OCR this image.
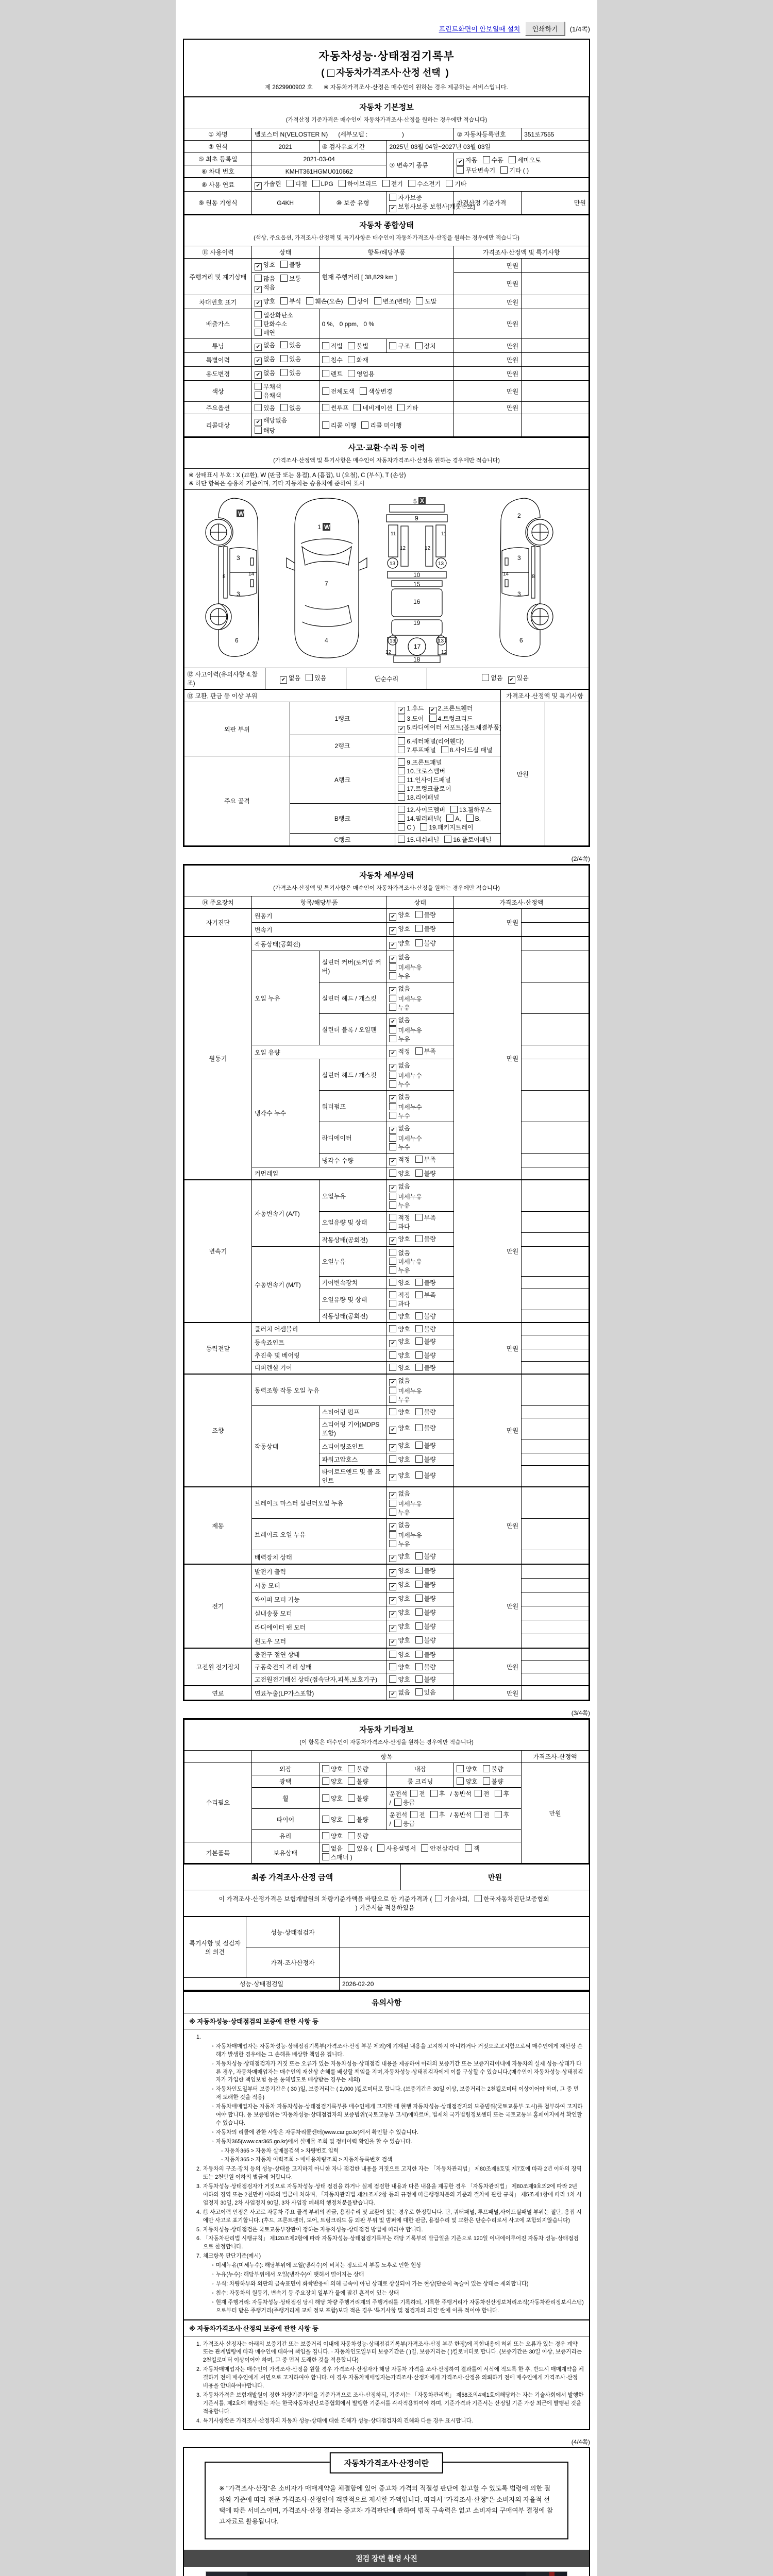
프린트화면이 안보일때 설치	인쇄하기	(1/4쪽)
자동차성능·상태점검기록부
( 자동차가격조사·산정 선택 )
제 2629900902 호 ※ 자동차가격조사·산정은 매수인이 원하는 경우 제공하는 서비스입니다.
자동차 기본정보					
(가격산정 기준가격은 매수인이 자동차가격조사·산정을 원하는 경우에만 적습니다)					
① 차명	벨로스터 N(VELOSTER N)      (세부모델 :                    )			② 자동차등록번호	351로7555
③ 연식	2021	④ 검사유효기간	2025년 03월 04일~2027년 03월 03일		
⑤ 최초 등록일	2021-03-04		⑦ 변속기 종류	✔ 자동 수동 세미오토무단변속기 기타 ( )	
⑥ 차대 번호	KMHT361HGMU010662				
⑧ 사용 연료	✔ 가솔린 디젤 LPG 하이브리드 전기 수소전기 기타				
⑨ 원동 기형식	G4KH	⑩ 보증 유형	자가보증✔ 보험사보증 보험사[캐롯손보]	가격산정 기준가격	만원
자동차 종합상태					
(색상, 주요옵션, 가격조사·산정액 및 특기사항은 매수인이 자동차가격조사·산정을 원하는 경우에만 적습니다)					
⑪ 사용이력	상태	항목/해당부품		가격조사·산정액 및 특기사항	
주행거리 및 계기상태	✔ 양호 불량	현재 주행거리 [ 38,829 km ]		만원	
	많음 보통✔ 적음			만원	
차대번호 표기	✔ 양호 부식 훼손(오손) 상이 변조(변타) 도말			만원	
배출가스	일산화탄소탄화수소매연	0 %,   0 ppm,   0 %		만원	
튜닝	✔ 없음 있음	적법 불법	구조 장치	만원	
특별이력	✔ 없음 있음	침수 화재		만원	
용도변경	✔ 없음 있음	렌트 영업용		만원	
색상	무채색유채색	전체도색 색상변경		만원	
주요옵션	있음 없음	썬루프 네비게이션 기타		만원	
리콜대상	✔ 해당없음해당	리콜 이행 리콜 미이행			
사고·교환·수리 등 이력
(가격조사·산정액 및 특기사항은 매수인이 자동차가격조사·산정을 원하는 경우에만 적습니다)

※ 상태표시 부호 : X (교환), W (판금 또는 용접), A (흠집), U (요철), C (부식), T (손상)
※ 하단 항목은 승용차 기준이며, 기타 자동차는 승용차에 준하여 표시

W
3
3
8	14
6
1 W
7
4
5 X
9
11	11
12	12
13	13
10
15
16
19
13	13
12	12
17
18
2
3
3
8
14
6

⑫ 사고이력(유의사항 4.참조)	✔ 없음 있음	단순수리	없음 ✔ 있음
⑬ 교환, 판금 등 이상 부위			가격조사·산정액 및 특기사항	
외판 부위	1랭크	✔ 1.후드 ✔ 2.프론트휀더3.도어 4.트렁크리드✔ 5.라디에이터 서포트(볼트체결부품)	만원	
	2랭크	6.쿼터패널(리어휀다)7.루프패널 8.사이드실 패널		
주요 골격	A랭크	9.프론트패널10.크로스멤버11.인사이드패널17.트렁크플로어18.리어패널		
	B랭크	12.사이드멤버 13.휠하우스14.필러패널( A, B,C ) 19.패키지트레이		
	C랭크	15.대쉬패널 16.플로어패널		
(2/4쪽)
자동차 세부상태					
(가격조사·산정액 및 특기사항은 매수인이 자동차가격조사·산정을 원하는 경우에만 적습니다)					
⑭ 주요장치	항목/해당부품		상태	가격조사·산정액	
자기진단	원동기		✔ 양호 불량	만원	
	변속기		✔ 양호 불량		
원동기	작동상태(공회전)		✔ 양호 불량	만원	
	오일 누유	실린더 커버(로커암 커버)	✔ 없음미세누유누유		
		실린더 헤드 / 개스킷	✔ 없음미세누유누유		
		실린더 블록 / 오일팬	✔ 없음미세누유누유		
	오일 유량		✔ 적정 부족		
	냉각수 누수	실린더 헤드 / 개스킷	✔ 없음미세누수누수		
		워터펌프	✔ 없음미세누수누수		
		라디에이터	✔ 없음미세누수누수		
		냉각수 수량	✔ 적정 부족		
	커먼레일		양호 불량		
변속기	자동변속기 (A/T)	오일누유	✔ 없음미세누유누유	만원	
		오일유량 및 상태	적정 부족과다		
		작동상태(공회전)	✔ 양호 불량		
	수동변속기 (M/T)	오일누유	없음미세누유누유		
		기어변속장치	양호 불량		
		오일유량 및 상태	적정 부족과다		
		작동상태(공회전)	양호 불량		
동력전달	클러치 어셈블리		양호 불량	만원	
	등속죠인트		✔ 양호 불량		
	추진축 및 베어링		양호 불량		
	디퍼렌셜 기어		양호 불량		
조향	동력조향 작동 오일 누유		✔ 없음미세누유누유	만원	
	작동상태	스티어링 펌프	양호 불량		
		스티어링 기어(MDPS포함)	✔ 양호 불량		
		스티어링조인트	✔ 양호 불량		
		파워고압호스	양호 불량		
		타이로드엔드 및 볼 죠인트	✔ 양호 불량		
제동	브레이크 마스터 실린더오일 누유		✔ 없음미세누유누유	만원	
	브레이크 오일 누유		✔ 없음미세누유누유		
	배력장치 상태		✔ 양호 불량		
전기	발전기 출력		✔ 양호 불량	만원	
	시동 모터		✔ 양호 불량		
	와이퍼 모터 기능		✔ 양호 불량		
	실내송풍 모터		✔ 양호 불량		
	라디에이터 팬 모터		✔ 양호 불량		
	윈도우 모터		✔ 양호 불량		
고전원 전기장치	충전구 절연 상태		양호 불량	만원	
	구동축전지 격리 상태		양호 불량		
	고전원전기배선 상태(접속단자,피복,보호기구)		양호 불량		
연료	연료누출(LP가스포함)		✔ 없음 있음	만원	
(3/4쪽)
자동차 기타정보					
(이 항목은 매수인이 자동차가격조사·산정을 원하는 경우에만 적습니다)					
	항목				가격조사·산정액
수리필요	외장	양호 불량	내장	양호 불량	만원
	광택	양호 불량	룸 크리닝	양호 불량	
	휠	양호 불량	운전석 전 후 / 동반석 전 후/ 응급		
	타이어	양호 불량	운전석 전 후 / 동반석 전 후/ 응급		
	유리	양호 불량			
기본품목	보유상태	없음 있음 ( 사용설명서 안전삼각대 잭스패너 )			
최종 가격조사·산정 금액	만원
이 가격조사·산정가격은 보험개발원의 차량기준가액을 바탕으로 한 기준가격과 ( 기술사회, 한국자동차진단보증협회) 기준서를 적용하였음
특기사항 및 점검자의 의견	성능·상태점검자	
	가격·조사산정자	
성능·상태점검일		2026-02-20
유의사항
※ 자동차성능·상태점검의 보증에 관한 사항 등
1.
◦ 자동차매매업자는 자동차성능·상태점검기록부(가격조사·산정 부분 제외)에 기재된 내용을 고지하지 아니하거나 거짓으로고지함으로써 매수인에게 재산상 손해가 발생한 경우에는 그 손해를 배상할 책임을 집니다.
◦ 자동차성능·상태점검자가 거짓 또는 오류가 있는 자동차성능·상태점검 내용을 제공하여 아래의 보증기간 또는 보증거리이내에 자동차의 실제 성능·상태가 다른 경우, 자동차매매업자는 매수인의 재산상 손해를 배상할 책임을 지며,자동차성능·상태점검자에게 이를 구상할 수 있습니다.(매수인이 자동차성능·상태점검자가 가입한 책임보험 등을 통해별도로 배상받는 경우는 제외)
◦ 자동차인도일부터 보증기간은 ( 30 )일, 보증거리는 ( 2,000 )킬로미터로 합니다. (보증기간은 30일 이상, 보증거리는 2천킬로미터 이상이어야 하며, 그 중 먼저 도래한 것을 적용)
◦ 자동차매매업자는 자동차 자동차성능·상태점검기록부를 매수인에게 고지할 때 현행 자동차성능·상태점검자의 보증범위(국토교통부 고시)를 첨부하여 고지하여야 합니다. 동 보증범위는 '자동차성능·상태점검자의 보증범위'(국토교통부 고시)에따르며, 법제처 국가법령정보센터 또는 국토교통부 홈페이지에서 확인할 수 있습니다.
◦ 자동차의 리콜에 관한 사항은 자동차리콜센터(www.car.go.kr)에서 확인할 수 있습니다.
◦ 자동차365(www.car365.go.kr)에서 실매물 조회 및 정비이력 확인을 할 수 있습니다.
- 자동차365 > 자동차 실매물검색 > 차량번호 입력
- 자동차365 > 자동차 이력조회 > 매매용차량조회 > 자동차등록번호 검색
2. 자동차의 구조·장치 등의 성능·상태를 고지하지 아니한 자나 점검한 내용을 거짓으로 고지한 자는 「자동차관리법」 제80조제6호및 제7호에 따라 2년 이하의 징역 또는 2천만원 이하의 벌금에 처합니다.
3. 자동차성능·상태점검자가 거짓으로 자동차성능·상태 점검을 하거나 실제 점검한 내용과 다른 내용을 제공한 경우 「자동차관리법」 제80조제9호의2에 따라 2년 이하의 징역 또는 2천만원 이하의 벌금에 처하며, 「자동차관리법 제21조제2항 등의 규정에 따른행정처분의 기준과 절차에 관한 규칙」 제5조제1항에 따라 1차 사업정지 30일, 2차 사업정지 90일, 3차 사업장 폐쇄의 행정처분을받습니다.
4. ⑫ 사고이력 인정은 사고로 자동차 주요 골격 부위의 판금, 용접수리 및 교환이 있는 경우로 한정합니다. 단, 쿼터패널, 루프패널,사이드실패널 부위는 절단, 용접 시에만 사고로 표기합니다. (후드, 프론트펜더, 도어, 트렁크리드 등 외판 부위 및 범퍼에 대한 판금, 용접수리 및 교환은 단순수리로서 사고에 포함되지않습니다)
5. 자동차성능·상태점검은 국토교통부장관이 정하는 자동차성능·상태점검 방법에 따라야 합니다.
6. 「자동차관리법 시행규칙」 제120조제2항에 따라 자동차성능·상태점검기록부는 해당 기록부의 발급일을 기준으로 120일 이내에이루어진 자동차 성능·상태점검으로 한정합니다.
7. 체크항목 판단기준(예시)
◦ 미세누유(미세누수): 해당부위에 오일(냉각수)이 비치는 정도로서 부품 노후로 인한 현상
◦ 누유(누수): 해당부위에서 오일(냉각수)이 맺혀서 떨어지는 상태
◦ 부식: 차량하부와 외판의 금속표면이 화학반응에 의해 금속이 아닌 상태로 상실되어 가는 현상(단순히 녹슬어 있는 상태는 제외합니다)
◦ 침수: 자동차의 원동기, 변속기 등 주요장치 일부가 물에 잠긴 흔적이 있는 상태
◦ 현재 주행거리: 자동차성능·상태점검 당시 해당 차량 주행거리계의 주행거리를 기록하되, 기록한 주행거리가 자동차전산정보처리조직(자동차관리정보시스템)으로부터 받은 주행거리(주행거리계 교체 정보 포함)보다 적은 경우 '특기사항 및 점검자의 의견' 란에 이를 적어야 합니다.
※ 자동차가격조사·산정의 보증에 관한 사항 등
1. 가격조사·산정자는 아래의 보증기간 또는 보증거리 이내에 자동차성능·상태점검기록부(가격조사·산정 부분 한정)에 적힌내용에 허위 또는 오류가 있는 경우 계약 또는 관계법령에 따라 매수인에 대하여 책임을 집니다. · 자동차인도일부터 보증기간은 ( )일, 보증거리는 ( )킬로미터로 합니다. (보증기간은 30일 이상, 보증거리는 2천킬로미터 이상이어야 하며, 그 중 먼저 도래한 것을 적용합니다)
2. 자동차매매업자는 매수인이 가격조사·산정을 원할 경우 가격조사·산정자가 해당 자동차 가격을 조사·산정하여 결과를이 서식에 적도록 한 후, 반드시 매매계약을 체결하기 전에 매수인에게 서면으로 고지하여야 합니다. 이 경우 자동차매매업자는가격조사·산정자에게 가격조사·산정을 의뢰하기 전에 매수인에게 가격조사·산정 비용을 안내하여야합니다.
3. 자동차가격은 보험개발원이 정한 차량기준가액을 기준가격으로 조사·산정하되, 기준서는 「자동차관리법」 제58조의4제1호에해당하는 자는 기술사회에서 발행한 기준서를, 제2호에 해당하는 자는 한국자동차진단보증협회에서 발행한 기준서를 각각적용하여야 하며, 기준가격과 기준서는 산정일 기준 가장 최근에 발행된 것을 적용합니다.
4. 특기사항란은 가격조사·산정자의 자동차 성능·상태에 대한 견해가 성능·상태점검자의 견해와 다를 경우 표시합니다.
(4/4쪽)
자동차가격조사·산정이란
※ "가격조사·산정"은 소비자가 매매계약을 체결함에 있어 중고차 가격의 적절성 판단에 참고할 수 있도록 법령에 의한 절차와 기준에 따라 전문 가격조사·산정인이 객관적으로 제시한 가액입니다. 따라서 "가격조사·산정"은 소비자의 자율적 선택에 따른 서비스이며, 가격조사·산정 결과는 중고차 가격판단에 관하여 법적 구속력은 없고 소비자의 구매여부 결정에 참고자료로 활용됩니다.
점검 장면 촬영 사진
